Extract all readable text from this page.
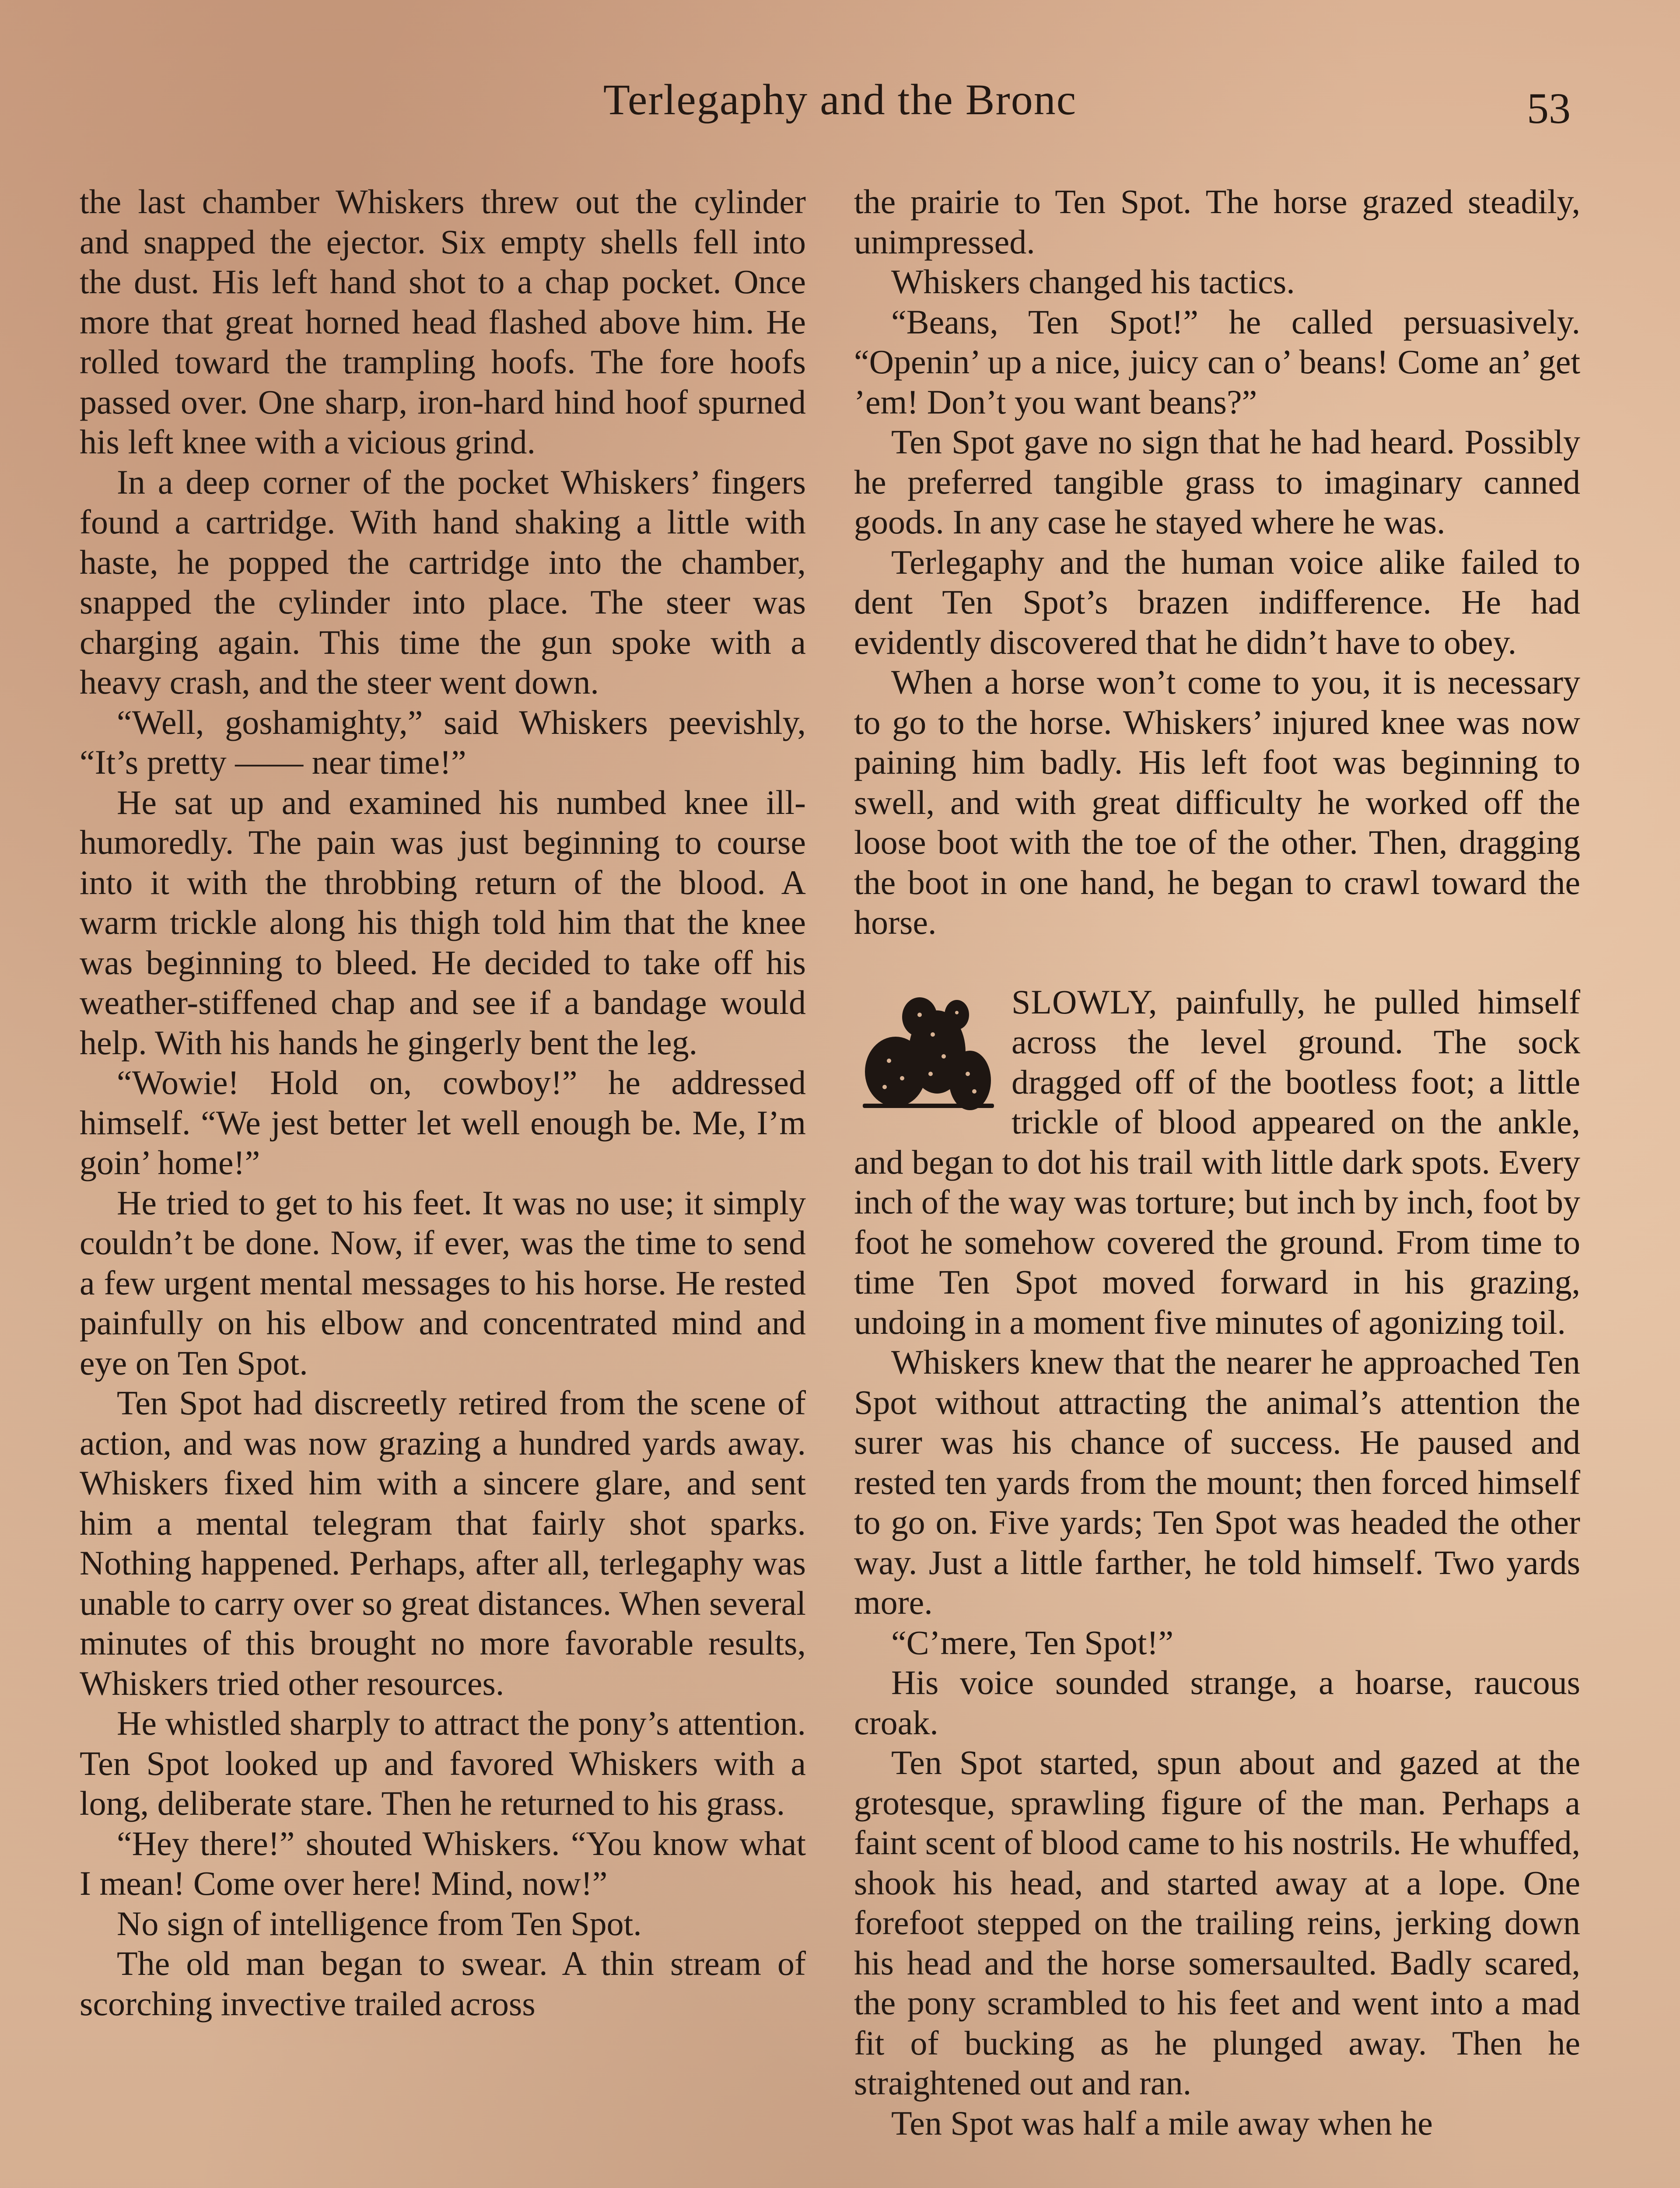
Terlegaphy and the Bronc	53

the last chamber Whiskers threw out the cylinder and snapped the ejector. Six empty shells fell into the dust. His left hand shot to a chap pocket. Once more that great horned head flashed above him. He rolled toward the trampling hoofs. The fore hoofs passed over. One sharp, iron-hard hind hoof spurned his left knee with a vicious grind.

In a deep corner of the pocket Whiskers’ fingers found a cartridge. With hand shaking a little with haste, he popped the cartridge into the chamber, snapped the cylinder into place. The steer was charging again. This time the gun spoke with a heavy crash, and the steer went down.

“Well, goshamighty,” said Whiskers peevishly, “It’s pretty —— near time!”

He sat up and examined his numbed knee ill-humoredly. The pain was just beginning to course into it with the throbbing return of the blood. A warm trickle along his thigh told him that the knee was beginning to bleed. He decided to take off his weather-stiffened chap and see if a bandage would help. With his hands he gingerly bent the leg.

“Wowie! Hold on, cowboy!” he addressed himself. “We jest better let well enough be. Me, I’m goin’ home!”

He tried to get to his feet. It was no use; it simply couldn’t be done. Now, if ever, was the time to send a few urgent mental messages to his horse. He rested painfully on his elbow and concentrated mind and eye on Ten Spot.

Ten Spot had discreetly retired from the scene of action, and was now grazing a hundred yards away. Whiskers fixed him with a sincere glare, and sent him a mental telegram that fairly shot sparks. Nothing happened. Perhaps, after all, terlegaphy was unable to carry over so great distances. When several minutes of this brought no more favorable results, Whiskers tried other resources.

He whistled sharply to attract the pony’s attention. Ten Spot looked up and favored Whiskers with a long, deliberate stare. Then he returned to his grass.

“Hey there!” shouted Whiskers. “You know what I mean! Come over here! Mind, now!”

No sign of intelligence from Ten Spot.

The old man began to swear. A thin stream of scorching invective trailed across

the prairie to Ten Spot. The horse grazed steadily, unimpressed.

Whiskers changed his tactics.

“Beans, Ten Spot!” he called persuasively. “Openin’ up a nice, juicy can o’ beans! Come an’ get ’em! Don’t you want beans?”

Ten Spot gave no sign that he had heard. Possibly he preferred tangible grass to imaginary canned goods. In any case he stayed where he was.

Terlegaphy and the human voice alike failed to dent Ten Spot’s brazen indifference. He had evidently discovered that he didn’t have to obey.

When a horse won’t come to you, it is necessary to go to the horse. Whiskers’ injured knee was now paining him badly. His left foot was beginning to swell, and with great difficulty he worked off the loose boot with the toe of the other. Then, dragging the boot in one hand, he began to crawl toward the horse.

SLOWLY, painfully, he pulled himself across the level ground. The sock dragged off of the bootless foot; a little trickle of blood appeared on the ankle, and began to dot his trail with little dark spots. Every inch of the way was torture; but inch by inch, foot by foot he somehow covered the ground. From time to time Ten Spot moved forward in his grazing, undoing in a moment five minutes of agonizing toil.

Whiskers knew that the nearer he approached Ten Spot without attracting the animal’s attention the surer was his chance of success. He paused and rested ten yards from the mount; then forced himself to go on. Five yards; Ten Spot was headed the other way. Just a little farther, he told himself. Two yards more.

“C’mere, Ten Spot!”

His voice sounded strange, a hoarse, raucous croak.

Ten Spot started, spun about and gazed at the grotesque, sprawling figure of the man. Perhaps a faint scent of blood came to his nostrils. He whuffed, shook his head, and started away at a lope. One forefoot stepped on the trailing reins, jerking down his head and the horse somersaulted. Badly scared, the pony scrambled to his feet and went into a mad fit of bucking as he plunged away. Then he straightened out and ran.

Ten Spot was half a mile away when he
